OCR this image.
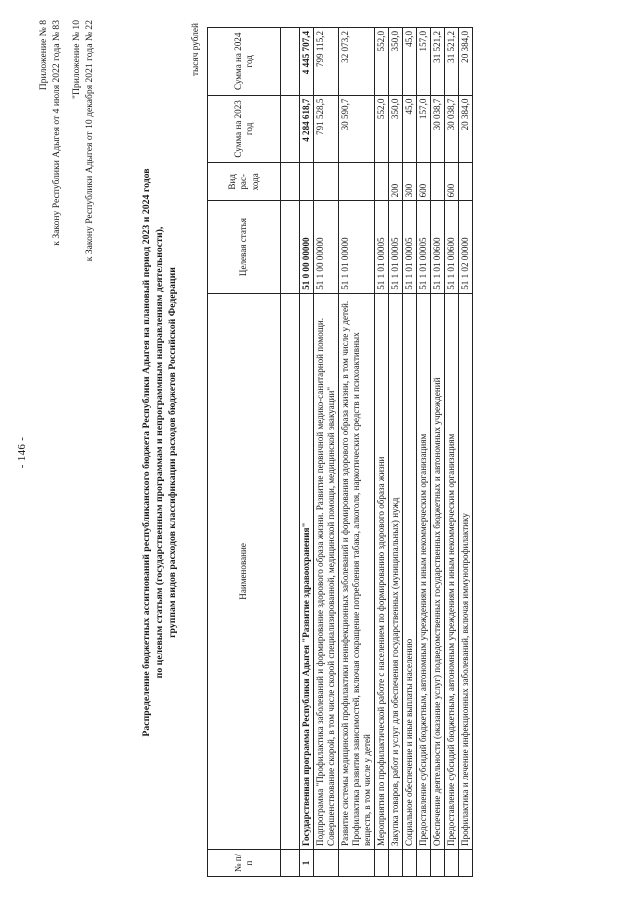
- 146 -
Приложение № 8 к Закону Республики Адыгея от 4 июля 2022 года № 83 "Приложение № 10 к Закону Республики Адыгея от 10 декабря 2021 года № 22
Распределение бюджетных ассигнований республиканского бюджета Республики Адыгея на плановый период 2023 и 2024 годов по целевым статьям (государственным программам и непрограммным направлениям деятельности), группам видов расходов классификации расходов бюджетов Российской Федерации
тысяч рублей
№ п/п	Наименование	Целевая статья	Вид рас-хода	Сумма на 2023 год	Сумма на 2024 год

1	Государственная программа Республики Адыгея "Развитие здравоохранения"	51 0 00 00000		4 284 618,7	4 445 707,4
	Подпрограмма "Профилактика заболеваний и формирование здорового образа жизни. Развитие первичной медико-санитарной помощи. Совершенствование скорой, в том числе скорой специализированной, медицинской помощи, медицинской эвакуации"	51 1 00 00000		791 528,5	799 115,2
	Развитие системы медицинской профилактики неинфекционных заболеваний и формирования здорового образа жизни, в том числе у детей. Профилактика развития зависимостей, включая сокращение потребления табака, алкоголя, наркотических средств и психоактивных веществ, в том числе у детей	51 1 01 00000		30 590,7	32 073,2
	Мероприятия по профилактической работе с населением по формированию здорового образа жизни	51 1 01 00005		552,0	552,0
	Закупка товаров, работ и услуг для обеспечения государственных (муниципальных) нужд	51 1 01 00005	200	350,0	350,0
	Социальное обеспечение и иные выплаты населению	51 1 01 00005	300	45,0	45,0
	Предоставление субсидий бюджетным, автономным учреждениям и иным некоммерческим организациям	51 1 01 00005	600	157,0	157,0
	Обеспечение деятельности (оказание услуг) подведомственных государственных бюджетных и автономных учреждений	51 1 01 00600		30 038,7	31 521,2
	Предоставление субсидий бюджетным, автономным учреждениям и иным некоммерческим организациям	51 1 01 00600	600	30 038,7	31 521,2
	Профилактика и лечение инфекционных заболеваний, включая иммунопрофилактику	51 1 02 00000		20 384,0	20 384,0
